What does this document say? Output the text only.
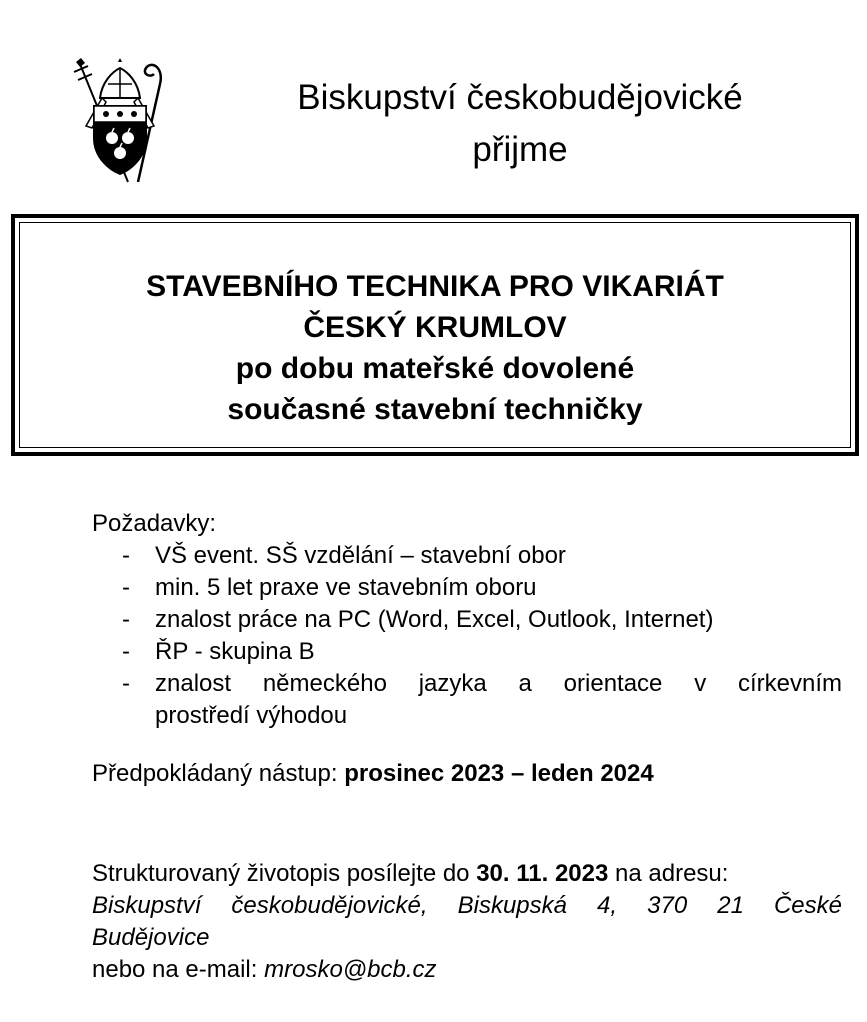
Biskupství českobudějovické
přijme
STAVEBNÍHO TECHNIKA PRO VIKARIÁT
ČESKÝ KRUMLOV
po dobu mateřské dovolené
současné stavební techničky
Požadavky:
- VŠ event. SŠ vzdělání – stavební obor
- min. 5 let praxe ve stavebním oboru
- znalost práce na PC (Word, Excel, Outlook, Internet)
- ŘP - skupina B
- znalost německého jazyka a orientace v církevním
prostředí výhodou
Předpokládaný nástup: prosinec 2023 – leden 2024
Strukturovaný životopis posílejte do 30. 11. 2023 na adresu:
Biskupství českobudějovické, Biskupská 4, 370 21 České
Budějovice
nebo na e-mail: mrosko@bcb.cz
